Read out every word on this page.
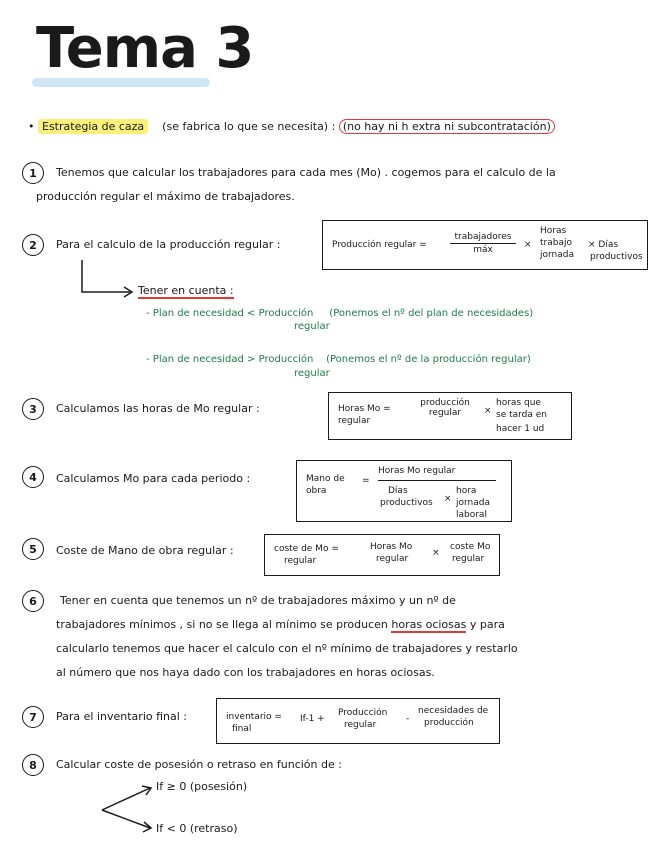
Tema 3
• Estrategia de caza (se fabrica lo que se necesita) : (no hay ni h extra ni subcontratación)
1	Tenemos que calcular los trabajadores para cada mes (Mo) . cogemos para el calculo de la
producción regular el máximo de trabajadores.
2	Para el calculo de la producción regular :	Producción regular =
trabajadores
máx	×
Horas
trabajo
jornada
× Días
productivos
Tener en cuenta :
- Plan de necesidad < Producción (Ponemos el nº del plan de necesidades)
regular
- Plan de necesidad > Producción (Ponemos el nº de la producción regular)
regular
3	Calculamos las horas de Mo regular :	Horas Mo =
regular
producción
regular	×
horas que
se tarda en
hacer 1 ud
4	Calculamos Mo para cada periodo :	Mano de
obra
=
Horas Mo regular
Días
productivos ×
hora
jornada
laboral
5	Coste de Mano de obra regular :	coste de Mo =
regular
Horas Mo
regular
×
coste Mo
regular
6	Tener en cuenta que tenemos un nº de trabajadores máximo y un nº de
trabajadores mínimos , si no se llega al mínimo se producen horas ociosas y para
calcularlo tenemos que hacer el calculo con el nº mínimo de trabajadores y restarlo
al número que nos haya dado con los trabajadores en horas ociosas.
7	Para el inventario final :	inventario =
final
If-1 +
Producción
regular
-
necesidades de
producción
8	Calcular coste de posesión o retraso en función de :
If ≥ 0 (posesión)
If < 0 (retraso)
